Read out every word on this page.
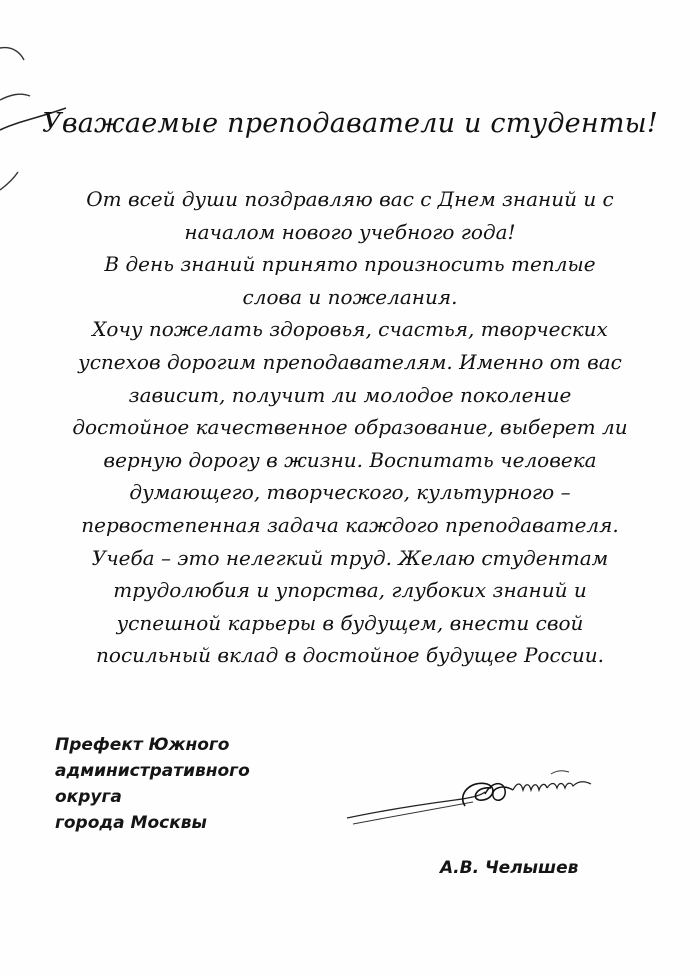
Уважаемые преподаватели и студенты!
От всей души поздравляю вас с Днем знаний и с
началом нового учебного года!
В день знаний принято произносить теплые
слова и пожелания.
Хочу пожелать здоровья, счастья, творческих
успехов дорогим преподавателям. Именно от вас
зависит, получит ли молодое поколение
достойное качественное образование, выберет ли
верную дорогу в жизни. Воспитать человека
думающего, творческого, культурного –
первостепенная задача каждого преподавателя.
Учеба – это нелегкий труд. Желаю студентам
трудолюбия и упорства, глубоких знаний и
успешной карьеры в будущем, внести свой
посильный вклад в достойное будущее России.
Префект Южного
административного
округа
города Москвы
А.В. Челышев
